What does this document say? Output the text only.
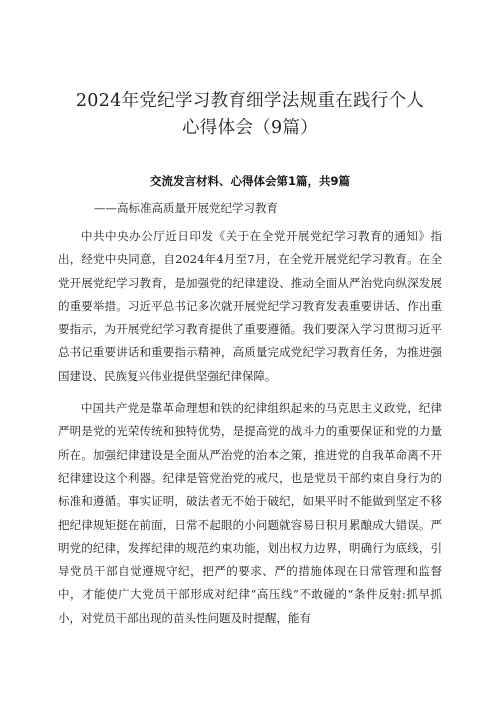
2024年党纪学习教育细学法规重在践行个人
心得体会（9篇）
交流发言材料、心得体会第1篇，共9篇
——高标准高质量开展党纪学习教育

中共中央办公厅近日印发《关于在全党开展党纪学习教育的通知》指出，经党中央同意，自2024年4月至7月，在全党开展党纪学习教育。在全党开展党纪学习教育，是加强党的纪律建设、推动全面从严治党向纵深发展的重要举措。习近平总书记多次就开展党纪学习教育发表重要讲话、作出重要指示，为开展党纪学习教育提供了重要遵循。我们要深入学习贯彻习近平总书记重要讲话和重要指示精神，高质量完成党纪学习教育任务，为推进强国建设、民族复兴伟业提供坚强纪律保障。

中国共产党是靠革命理想和铁的纪律组织起来的马克思主义政党，纪律严明是党的光荣传统和独特优势，是提高党的战斗力的重要保证和党的力量所在。加强纪律建设是全面从严治党的治本之策，推进党的自我革命离不开纪律建设这个利器。纪律是管党治党的戒尺，也是党员干部约束自身行为的标准和遵循。事实证明，破法者无不始于破纪，如果平时不能做到坚定不移把纪律规矩挺在前面，日常不起眼的小问题就容易日积月累酿成大错误。严明党的纪律，发挥纪律的规范约束功能，划出权力边界，明确行为底线，引导党员干部自觉遵规守纪，把严的要求、严的措施体现在日常管理和监督中，才能使广大党员干部形成对纪律“高压线”不敢碰的“条件反射:抓早抓小，对党员干部出现的苗头性问题及时提醒，能有
